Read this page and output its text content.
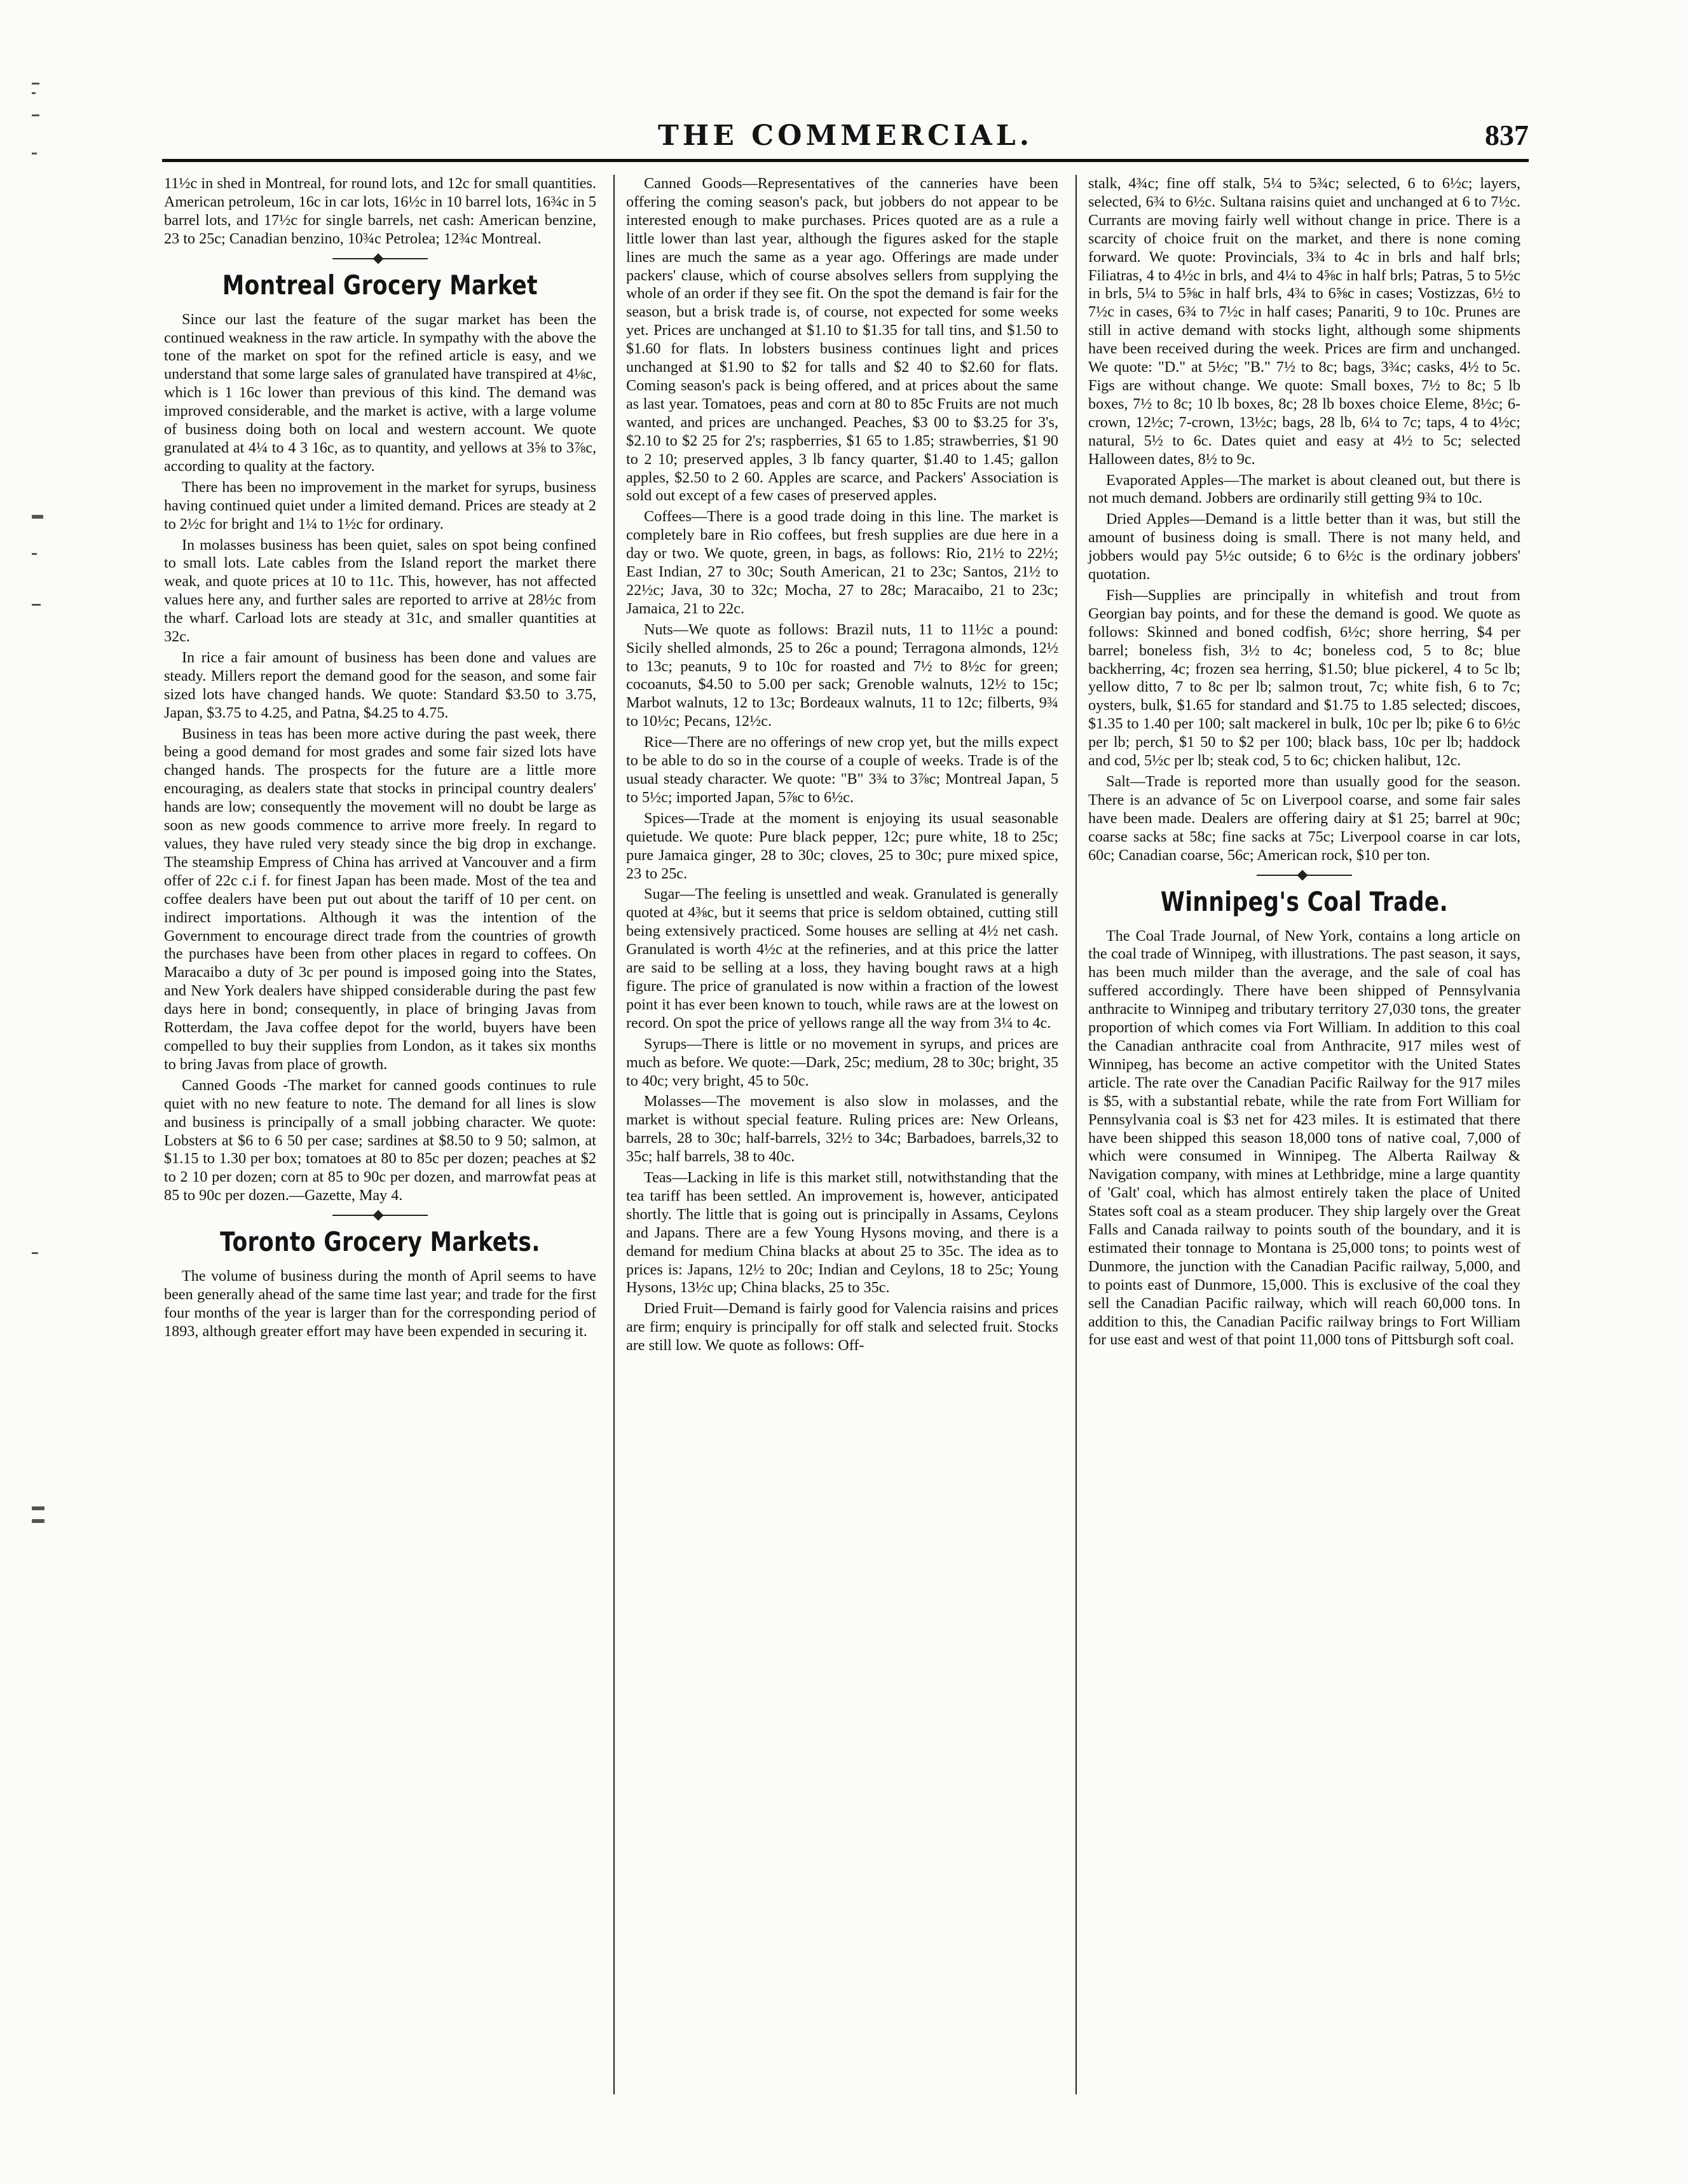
THE COMMERCIAL.	837

11½c in shed in Montreal, for round lots, and 12c for small quantities. American petroleum, 16c in car lots, 16½c in 10 barrel lots, 16¾c in 5 barrel lots, and 17½c for single barrels, net cash: American benzine, 23 to 25c; Canadian benzino, 10¾c Petrolea; 12¾c Montreal.

Montreal Grocery Market

Since our last the feature of the sugar market has been the continued weakness in the raw article. In sympathy with the above the tone of the market on spot for the refined article is easy, and we understand that some large sales of granulated have transpired at 4⅛c, which is 1 16c lower than previous of this kind. The demand was improved considerable, and the market is active, with a large volume of business doing both on local and western account. We quote granulated at 4¼ to 4 3 16c, as to quantity, and yellows at 3⅝ to 3⅞c, according to quality at the factory.

There has been no improvement in the market for syrups, business having continued quiet under a limited demand. Prices are steady at 2 to 2½c for bright and 1¼ to 1½c for ordinary.

In molasses business has been quiet, sales on spot being confined to small lots. Late cables from the Island report the market there weak, and quote prices at 10 to 11c. This, however, has not affected values here any, and further sales are reported to arrive at 28½c from the wharf. Carload lots are steady at 31c, and smaller quantities at 32c.

In rice a fair amount of business has been done and values are steady. Millers report the demand good for the season, and some fair sized lots have changed hands. We quote: Standard $3.50 to 3.75, Japan, $3.75 to 4.25, and Patna, $4.25 to 4.75.

Business in teas has been more active during the past week, there being a good demand for most grades and some fair sized lots have changed hands. The prospects for the future are a little more encouraging, as dealers state that stocks in principal country dealers' hands are low; consequently the movement will no doubt be large as soon as new goods commence to arrive more freely. In regard to values, they have ruled very steady since the big drop in exchange. The steamship Empress of China has arrived at Vancouver and a firm offer of 22c c.i f. for finest Japan has been made. Most of the tea and coffee dealers have been put out about the tariff of 10 per cent. on indirect importations. Although it was the intention of the Government to encourage direct trade from the countries of growth the purchases have been from other places in regard to coffees. On Maracaibo a duty of 3c per pound is imposed going into the States, and New York dealers have shipped considerable during the past few days here in bond; consequently, in place of bringing Javas from Rotterdam, the Java coffee depot for the world, buyers have been compelled to buy their supplies from London, as it takes six months to bring Javas from place of growth.

Canned Goods -The market for canned goods continues to rule quiet with no new feature to note. The demand for all lines is slow and business is principally of a small jobbing character. We quote: Lobsters at $6 to 6 50 per case; sardines at $8.50 to 9 50; salmon, at $1.15 to 1.30 per box; tomatoes at 80 to 85c per dozen; peaches at $2 to 2 10 per dozen; corn at 85 to 90c per dozen, and marrowfat peas at 85 to 90c per dozen.—Gazette, May 4.

Toronto Grocery Markets.

The volume of business during the month of April seems to have been generally ahead of the same time last year; and trade for the first four months of the year is larger than for the corresponding period of 1893, although greater effort may have been expended in securing it.

Canned Goods—Representatives of the canneries have been offering the coming season's pack, but jobbers do not appear to be interested enough to make purchases. Prices quoted are as a rule a little lower than last year, although the figures asked for the staple lines are much the same as a year ago. Offerings are made under packers' clause, which of course absolves sellers from supplying the whole of an order if they see fit. On the spot the demand is fair for the season, but a brisk trade is, of course, not expected for some weeks yet. Prices are unchanged at $1.10 to $1.35 for tall tins, and $1.50 to $1.60 for flats. In lobsters business continues light and prices unchanged at $1.90 to $2 for talls and $2 40 to $2.60 for flats. Coming season's pack is being offered, and at prices about the same as last year. Tomatoes, peas and corn at 80 to 85c Fruits are not much wanted, and prices are unchanged. Peaches, $3 00 to $3.25 for 3's, $2.10 to $2 25 for 2's; raspberries, $1 65 to 1.85; strawberries, $1 90 to 2 10; preserved apples, 3 lb fancy quarter, $1.40 to 1.45; gallon apples, $2.50 to 2 60. Apples are scarce, and Packers' Association is sold out except of a few cases of preserved apples.

Coffees—There is a good trade doing in this line. The market is completely bare in Rio coffees, but fresh supplies are due here in a day or two. We quote, green, in bags, as follows: Rio, 21½ to 22½; East Indian, 27 to 30c; South American, 21 to 23c; Santos, 21½ to 22½c; Java, 30 to 32c; Mocha, 27 to 28c; Maracaibo, 21 to 23c; Jamaica, 21 to 22c.

Nuts—We quote as follows: Brazil nuts, 11 to 11½c a pound: Sicily shelled almonds, 25 to 26c a pound; Terragona almonds, 12½ to 13c; peanuts, 9 to 10c for roasted and 7½ to 8½c for green; cocoanuts, $4.50 to 5.00 per sack; Grenoble walnuts, 12½ to 15c; Marbot walnuts, 12 to 13c; Bordeaux walnuts, 11 to 12c; filberts, 9¾ to 10½c; Pecans, 12½c.

Rice—There are no offerings of new crop yet, but the mills expect to be able to do so in the course of a couple of weeks. Trade is of the usual steady character. We quote: "B" 3¾ to 3⅞c; Montreal Japan, 5 to 5½c; imported Japan, 5⅞c to 6½c.

Spices—Trade at the moment is enjoying its usual seasonable quietude. We quote: Pure black pepper, 12c; pure white, 18 to 25c; pure Jamaica ginger, 28 to 30c; cloves, 25 to 30c; pure mixed spice, 23 to 25c.

Sugar—The feeling is unsettled and weak. Granulated is generally quoted at 4⅜c, but it seems that price is seldom obtained, cutting still being extensively practiced. Some houses are selling at 4½ net cash. Granulated is worth 4½c at the refineries, and at this price the latter are said to be selling at a loss, they having bought raws at a high figure. The price of granulated is now within a fraction of the lowest point it has ever been known to touch, while raws are at the lowest on record. On spot the price of yellows range all the way from 3¼ to 4c.

Syrups—There is little or no movement in syrups, and prices are much as before. We quote:—Dark, 25c; medium, 28 to 30c; bright, 35 to 40c; very bright, 45 to 50c.

Molasses—The movement is also slow in molasses, and the market is without special feature. Ruling prices are: New Orleans, barrels, 28 to 30c; half-barrels, 32½ to 34c; Barbadoes, barrels,32 to 35c; half barrels, 38 to 40c.

Teas—Lacking in life is this market still, notwithstanding that the tea tariff has been settled. An improvement is, however, anticipated shortly. The little that is going out is principally in Assams, Ceylons and Japans. There are a few Young Hysons moving, and there is a demand for medium China blacks at about 25 to 35c. The idea as to prices is: Japans, 12½ to 20c; Indian and Ceylons, 18 to 25c; Young Hysons, 13½c up; China blacks, 25 to 35c.

Dried Fruit—Demand is fairly good for Valencia raisins and prices are firm; enquiry is principally for off stalk and selected fruit. Stocks are still low. We quote as follows: Off-

stalk, 4¾c; fine off stalk, 5¼ to 5¾c; selected, 6 to 6½c; layers, selected, 6¾ to 6½c. Sultana raisins quiet and unchanged at 6 to 7½c. Currants are moving fairly well without change in price. There is a scarcity of choice fruit on the market, and there is none coming forward. We quote: Provincials, 3¾ to 4c in brls and half brls; Filiatras, 4 to 4½c in brls, and 4¼ to 4⅝c in half brls; Patras, 5 to 5½c in brls, 5¼ to 5⅝c in half brls, 4¾ to 6⅝c in cases; Vostizzas, 6½ to 7½c in cases, 6¾ to 7½c in half cases; Panariti, 9 to 10c. Prunes are still in active demand with stocks light, although some shipments have been received during the week. Prices are firm and unchanged. We quote: "D." at 5½c; "B." 7½ to 8c; bags, 3¾c; casks, 4½ to 5c. Figs are without change. We quote: Small boxes, 7½ to 8c; 5 lb boxes, 7½ to 8c; 10 lb boxes, 8c; 28 lb boxes choice Eleme, 8½c; 6-crown, 12½c; 7-crown, 13½c; bags, 28 lb, 6¼ to 7c; taps, 4 to 4½c; natural, 5½ to 6c. Dates quiet and easy at 4½ to 5c; selected Halloween dates, 8½ to 9c.

Evaporated Apples—The market is about cleaned out, but there is not much demand. Jobbers are ordinarily still getting 9¾ to 10c.

Dried Apples—Demand is a little better than it was, but still the amount of business doing is small. There is not many held, and jobbers would pay 5½c outside; 6 to 6½c is the ordinary jobbers' quotation.

Fish—Supplies are principally in whitefish and trout from Georgian bay points, and for these the demand is good. We quote as follows: Skinned and boned codfish, 6½c; shore herring, $4 per barrel; boneless fish, 3½ to 4c; boneless cod, 5 to 8c; blue backherring, 4c; frozen sea herring, $1.50; blue pickerel, 4 to 5c lb; yellow ditto, 7 to 8c per lb; salmon trout, 7c; white fish, 6 to 7c; oysters, bulk, $1.65 for standard and $1.75 to 1.85 selected; discoes, $1.35 to 1.40 per 100; salt mackerel in bulk, 10c per lb; pike 6 to 6½c per lb; perch, $1 50 to $2 per 100; black bass, 10c per lb; haddock and cod, 5½c per lb; steak cod, 5 to 6c; chicken halibut, 12c.

Salt—Trade is reported more than usually good for the season. There is an advance of 5c on Liverpool coarse, and some fair sales have been made. Dealers are offering dairy at $1 25; barrel at 90c; coarse sacks at 58c; fine sacks at 75c; Liverpool coarse in car lots, 60c; Canadian coarse, 56c; American rock, $10 per ton.

Winnipeg's Coal Trade.

The Coal Trade Journal, of New York, contains a long article on the coal trade of Winnipeg, with illustrations. The past season, it says, has been much milder than the average, and the sale of coal has suffered accordingly. There have been shipped of Pennsylvania anthracite to Winnipeg and tributary territory 27,030 tons, the greater proportion of which comes via Fort William. In addition to this coal the Canadian anthracite coal from Anthracite, 917 miles west of Winnipeg, has become an active competitor with the United States article. The rate over the Canadian Pacific Railway for the 917 miles is $5, with a substantial rebate, while the rate from Fort William for Pennsylvania coal is $3 net for 423 miles. It is estimated that there have been shipped this season 18,000 tons of native coal, 7,000 of which were consumed in Winnipeg. The Alberta Railway & Navigation company, with mines at Lethbridge, mine a large quantity of 'Galt' coal, which has almost entirely taken the place of United States soft coal as a steam producer. They ship largely over the Great Falls and Canada railway to points south of the boundary, and it is estimated their tonnage to Montana is 25,000 tons; to points west of Dunmore, the junction with the Canadian Pacific railway, 5,000, and to points east of Dunmore, 15,000. This is exclusive of the coal they sell the Canadian Pacific railway, which will reach 60,000 tons. In addition to this, the Canadian Pacific railway brings to Fort William for use east and west of that point 11,000 tons of Pittsburgh soft coal.
